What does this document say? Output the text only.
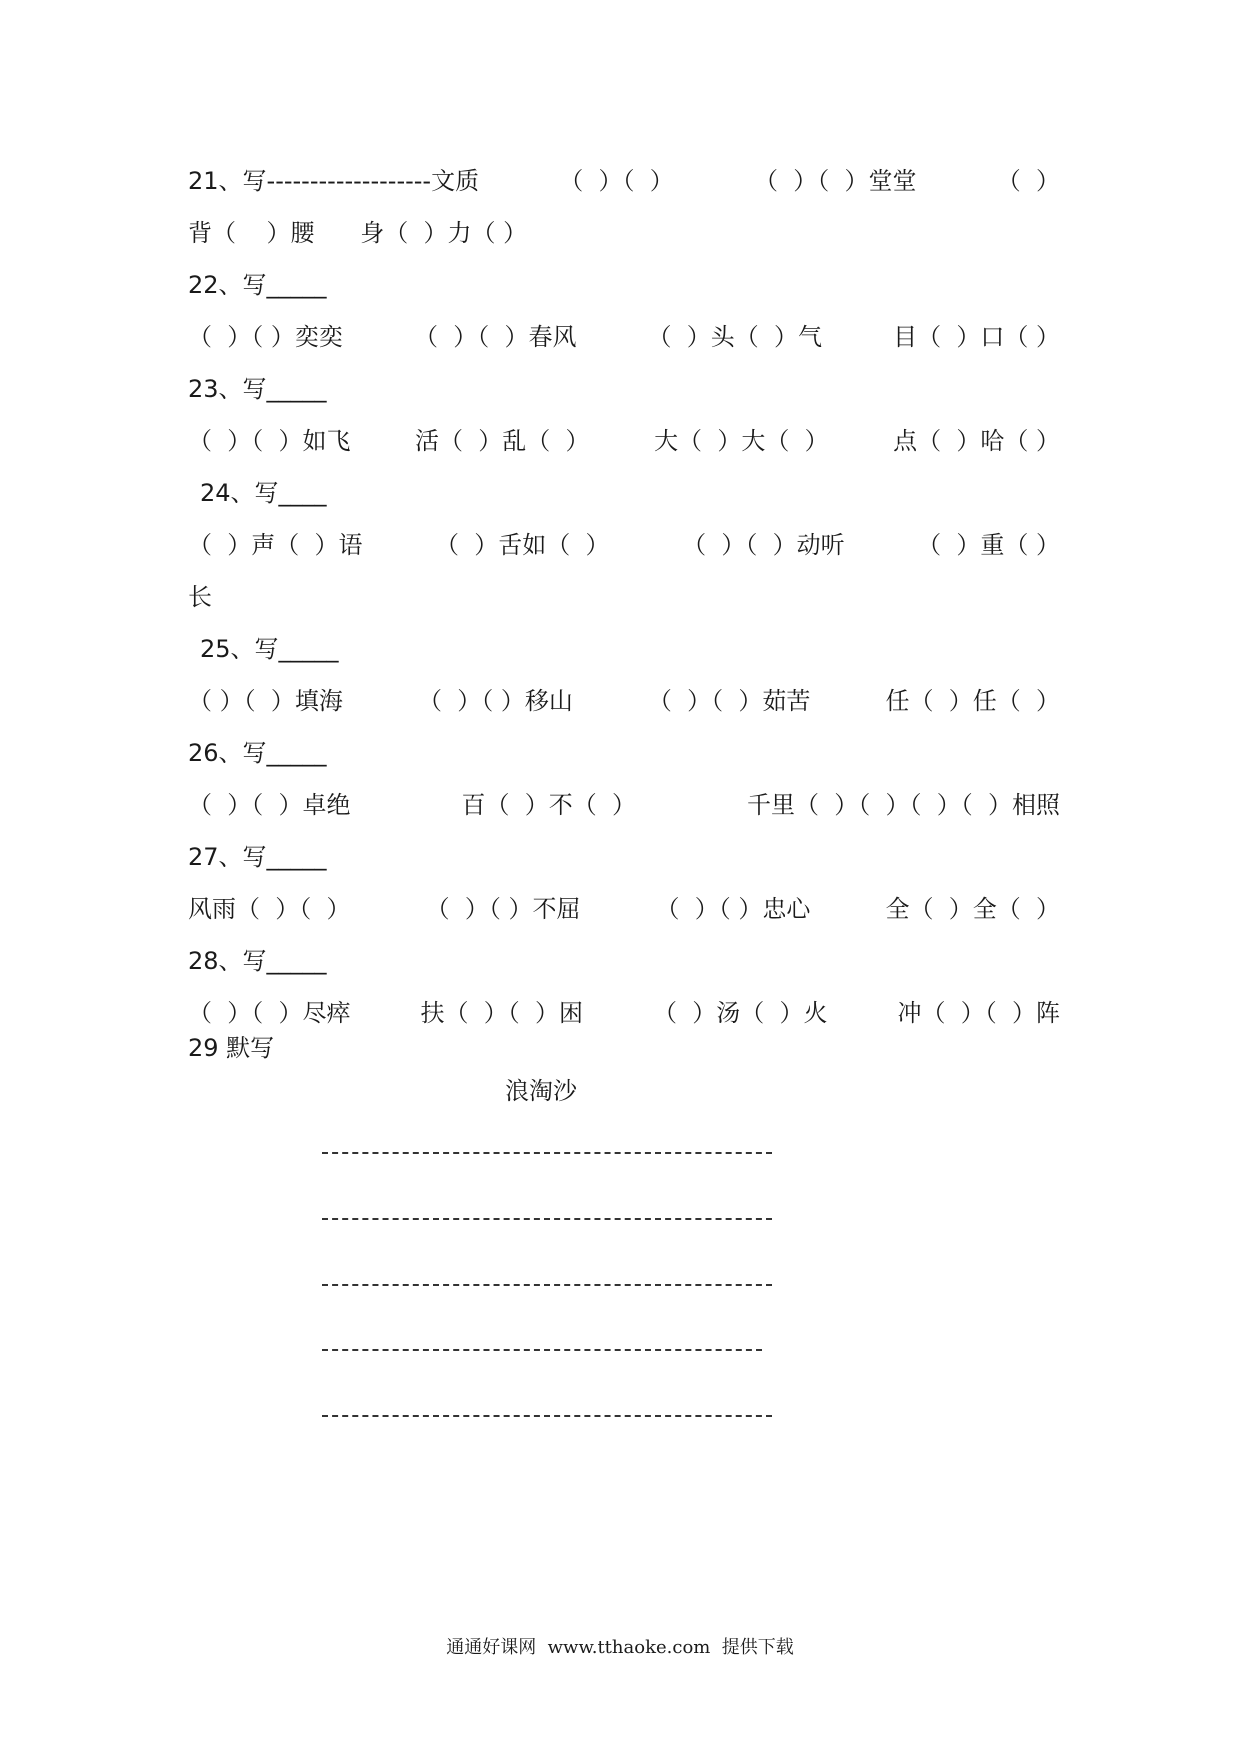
21、写-------------------文质	（  ）（  ）	（  ）（  ）堂堂	（  ）
背（    ）腰      身（  ）力（ ）
22、写_____
（  ）（ ）奕奕	（  ）（  ）春风	（  ）头（  ）气	目（  ）口（ ）
23、写_____
（  ）（  ）如飞	活（  ）乱（  ）	大（  ）大（  ）	点（  ）哈（ ）
24、写____
（  ）声（  ）语	（  ）舌如（  ）	（  ）（  ）动听	（  ）重（ ）
长
25、写_____
（ ）（  ）填海	（  ）（ ）移山	（  ）（  ）茹苦	任（  ）任（  ）
26、写_____
（  ）（  ）卓绝	百（  ）不（  ）	千里（  ）（  ）（  ）（  ）相照
27、写_____
风雨（  ）（  ）	（  ）（ ）不屈	（  ）（ ）忠心	全（  ）全（  ）
28、写_____
（  ）（  ）尽瘁	扶（  ）（  ）困	（  ）汤（  ）火	冲（  ）（  ）阵
29 默写
浪淘沙
通通好课网  www.tthaoke.com  提供下载
